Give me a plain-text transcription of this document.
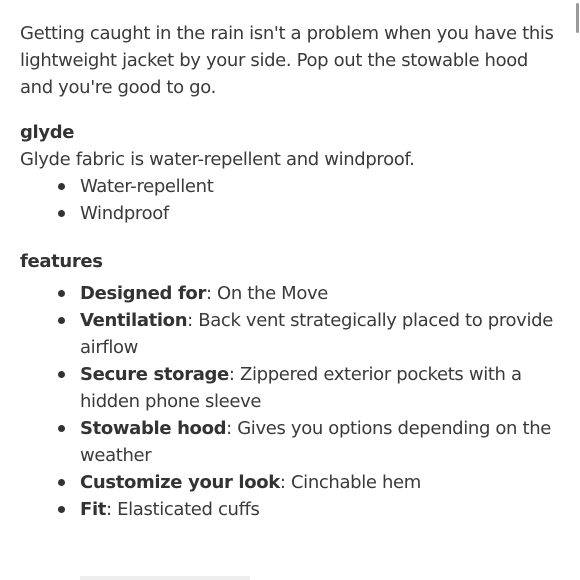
Getting caught in the rain isn't a problem when you have this lightweight jacket by your side. Pop out the stowable hood and you're good to go.

glyde

Glyde fabric is water-repellent and windproof.

Water-repellent
Windproof
features
Designed for: On the Move
Ventilation: Back vent strategically placed to provide airflow
Secure storage: Zippered exterior pockets with a hidden phone sleeve
Stowable hood: Gives you options depending on the weather
Customize your look: Cinchable hem
Fit: Elasticated cuffs
